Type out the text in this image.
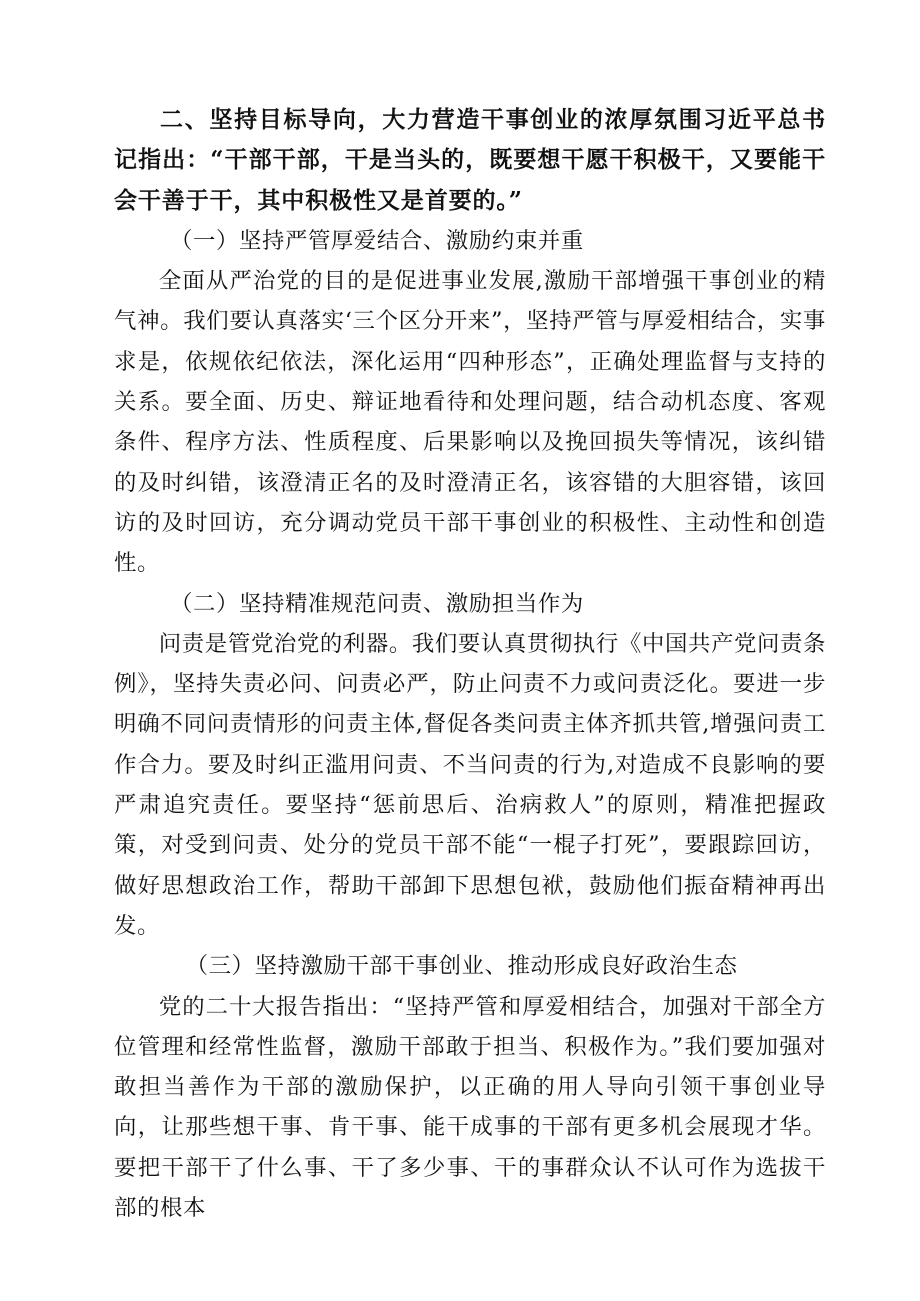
二、坚持目标导向，大力营造干事创业的浓厚氛围习近平总书记指出：“干部干部，干是当头的，既要想干愿干积极干，又要能干会干善于干，其中积极性又是首要的。”

（一）坚持严管厚爱结合、激励约束并重

全面从严治党的目的是促进事业发展,激励干部增强干事创业的精气神。我们要认真落实‘三个区分开来”，坚持严管与厚爱相结合，实事求是，依规依纪依法，深化运用“四种形态”，正确处理监督与支持的关系。要全面、历史、辩证地看待和处理问题，结合动机态度、客观条件、程序方法、性质程度、后果影响以及挽回损失等情况，该纠错的及时纠错，该澄清正名的及时澄清正名，该容错的大胆容错，该回访的及时回访，充分调动党员干部干事创业的积极性、主动性和创造性。

（二）坚持精准规范问责、激励担当作为

问责是管党治党的利器。我们要认真贯彻执行《中国共产党问责条例》，坚持失责必问、问责必严，防止问责不力或问责泛化。要进一步明确不同问责情形的问责主体,督促各类问责主体齐抓共管,增强问责工作合力。要及时纠正滥用问责、不当问责的行为,对造成不良影响的要严肃追究责任。要坚持“惩前思后、治病救人”的原则，精准把握政策，对受到问责、处分的党员干部不能“一棍子打死”，要跟踪回访，做好思想政治工作，帮助干部卸下思想包袱，鼓励他们振奋精神再出发。

（三）坚持激励干部干事创业、推动形成良好政治生态

党的二十大报告指出：“坚持严管和厚爱相结合，加强对干部全方位管理和经常性监督，激励干部敢于担当、积极作为。”我们要加强对敢担当善作为干部的激励保护，以正确的用人导向引领干事创业导向，让那些想干事、肯干事、能干成事的干部有更多机会展现才华。要把干部干了什么事、干了多少事、干的事群众认不认可作为选拔干部的根本
